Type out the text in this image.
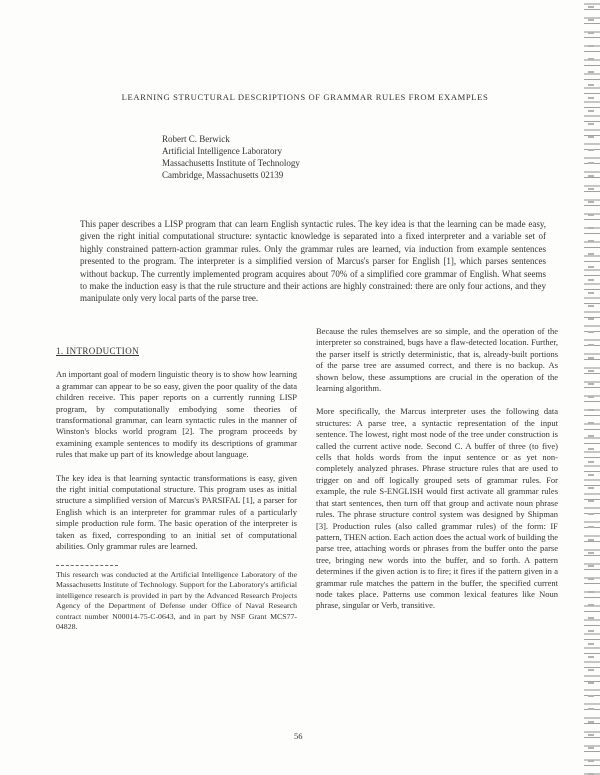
LEARNING STRUCTURAL DESCRIPTIONS OF GRAMMAR RULES FROM EXAMPLES
Robert C. Berwick
Artificial Intelligence Laboratory
Massachusetts Institute of Technology
Cambridge, Massachusetts 02139
This paper describes a LISP program that can learn English syntactic rules. The key idea is that the learning can be made easy, given the right initial computational structure: syntactic knowledge is separated into a fixed interpreter and a variable set of highly constrained pattern-action grammar rules. Only the grammar rules are learned, via induction from example sentences presented to the program. The interpreter is a simplified version of Marcus's parser for English [1], which parses sentences without backup. The currently implemented program acquires about 70% of a simplified core grammar of English. What seems to make the induction easy is that the rule structure and their actions are highly constrained: there are only four actions, and they manipulate only very local parts of the parse tree.
1. INTRODUCTION

An important goal of modern linguistic theory is to show how learning a grammar can appear to be so easy, given the poor quality of the data children receive. This paper reports on a currently running LISP program, by computationally embodying some theories of transformational grammar, can learn syntactic rules in the manner of Winston's blocks world program [2]. The program proceeds by examining example sentences to modify its descriptions of grammar rules that make up part of its knowledge about language.

The key idea is that learning syntactic transformations is easy, given the right initial computational structure. This program uses as initial structure a simplified version of Marcus's PARSIFAL [1], a parser for English which is an interpreter for grammar rules of a particularly simple production rule form. The basic operation of the interpreter is taken as fixed, corresponding to an initial set of computational abilities. Only grammar rules are learned.

This research was conducted at the Artificial Intelligence Laboratory of the Massachusetts Institute of Technology. Support for the Laboratory's artificial intelligence research is provided in part by the Advanced Research Projects Agency of the Department of Defense under Office of Naval Research contract number N00014-75-C-0643, and in part by NSF Grant MCS77-04828.

Because the rules themselves are so simple, and the operation of the interpreter so constrained, bugs have a flaw-detected location. Further, the parser itself is strictly deterministic, that is, already-built portions of the parse tree are assumed correct, and there is no backup. As shown below, these assumptions are crucial in the operation of the learning algorithm.

More specifically, the Marcus interpreter uses the following data structures: A parse tree, a syntactic representation of the input sentence. The lowest, right most node of the tree under construction is called the current active node. Second C. A buffer of three (to five) cells that holds words from the input sentence or as yet non-completely analyzed phrases. Phrase structure rules that are used to trigger on and off logically grouped sets of grammar rules. For example, the rule S-ENGLISH would first activate all grammar rules that start sentences, then turn off that group and activate noun phrase rules. The phrase structure control system was designed by Shipman [3]. Production rules (also called grammar rules) of the form: IF pattern, THEN action. Each action does the actual work of building the parse tree, attaching words or phrases from the buffer onto the parse tree, bringing new words into the buffer, and so forth. A pattern determines if the given action is to fire; it fires if the pattern given in a grammar rule matches the pattern in the buffer, the specified current node takes place. Patterns use common lexical features like Noun phrase, singular or Verb, transitive.

56
